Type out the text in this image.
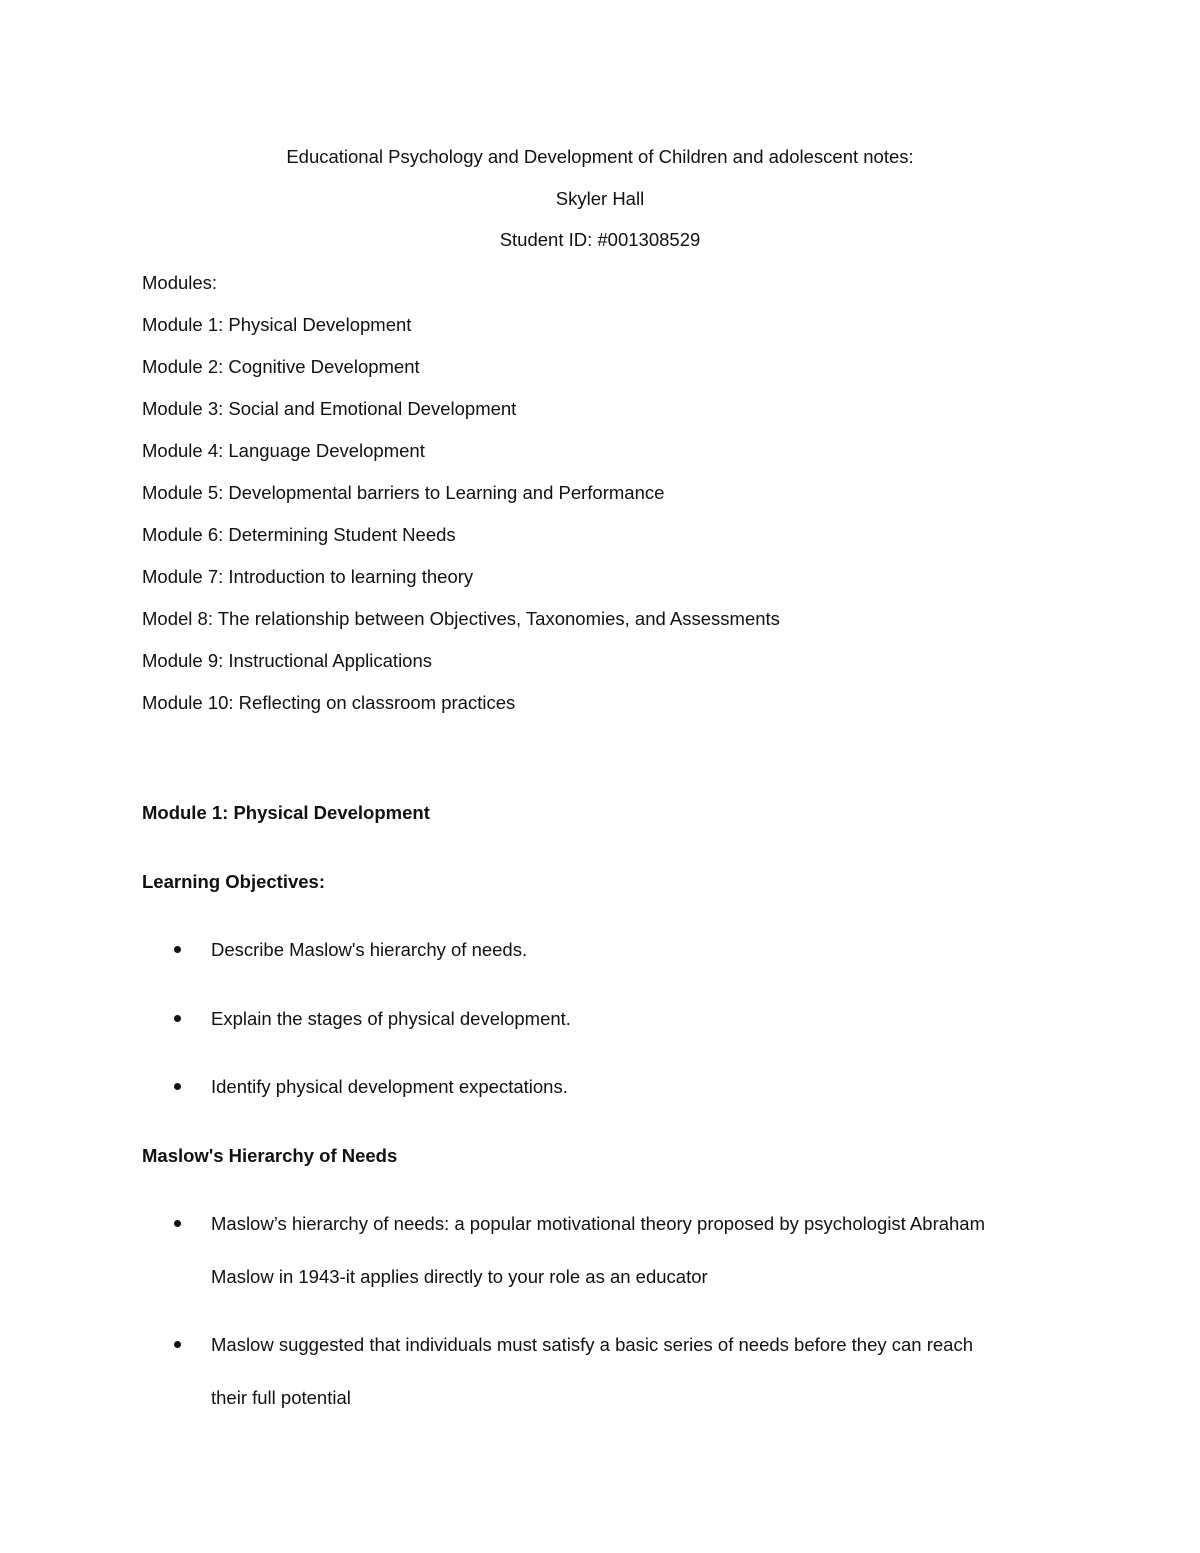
Educational Psychology and Development of Children and adolescent notes:
Skyler Hall
Student ID: #001308529
Modules:
Module 1: Physical Development
Module 2: Cognitive Development
Module 3: Social and Emotional Development
Module 4: Language Development
Module 5: Developmental barriers to Learning and Performance
Module 6: Determining Student Needs
Module 7: Introduction to learning theory
Model 8: The relationship between Objectives, Taxonomies, and Assessments
Module 9: Instructional Applications
Module 10: Reflecting on classroom practices
Module 1: Physical Development
Learning Objectives:
Describe Maslow's hierarchy of needs.
Explain the stages of physical development.
Identify physical development expectations.
Maslow's Hierarchy of Needs
Maslow’s hierarchy of needs: a popular motivational theory proposed by psychologist Abraham
Maslow in 1943-it applies directly to your role as an educator
Maslow suggested that individuals must satisfy a basic series of needs before they can reach
their full potential
